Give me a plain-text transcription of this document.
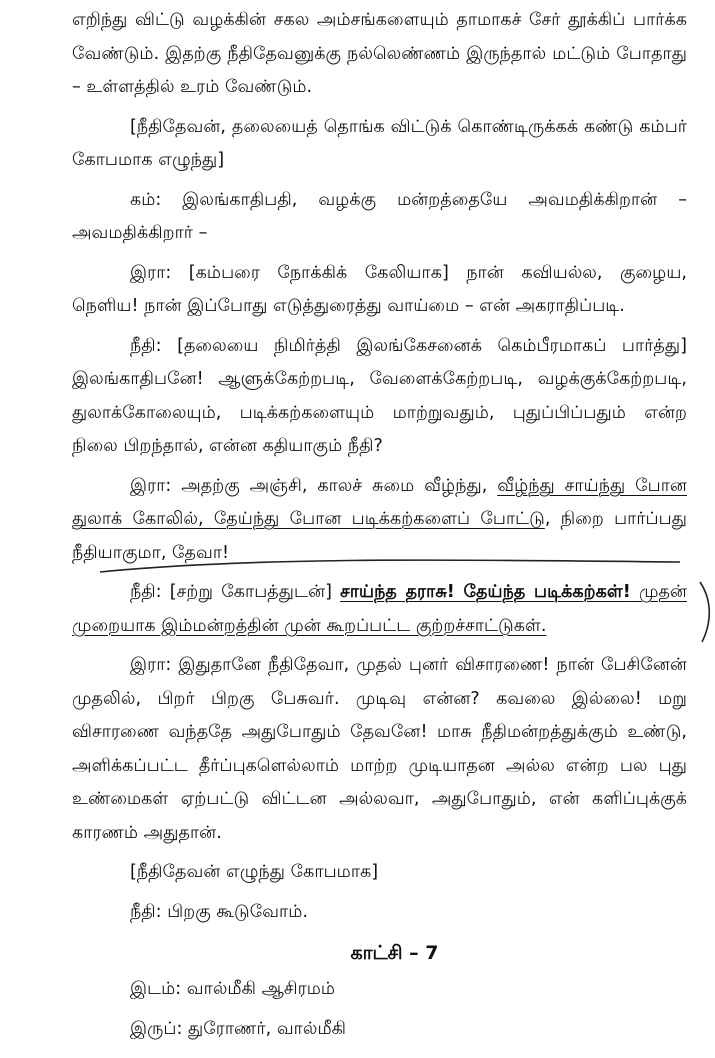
எறிந்து விட்டு வழக்கின் சகல அம்சங்களையும் தாமாகச் சேர் தூக்கிப் பார்க்க வேண்டும். இதற்கு நீதிதேவனுக்கு நல்லெண்ணம் இருந்தால் மட்டும் போதாது – உள்ளத்தில் உரம் வேண்டும்.

[நீதிதேவன், தலையைத் தொங்க விட்டுக் கொண்டிருக்கக் கண்டு கம்பர் கோபமாக எழுந்து]

கம்: இலங்காதிபதி, வழக்கு மன்றத்தையே அவமதிக்கிறான் – அவமதிக்கிறார் –

இரா: [கம்பரை நோக்கிக் கேலியாக] நான் கவியல்ல, குழைய, நெளிய! நான் இப்போது எடுத்துரைத்து வாய்மை – என் அகராதிப்படி.

நீதி: [தலையை நிமிர்த்தி இலங்கேசனைக் கெம்பீரமாகப் பார்த்து] இலங்காதிபனே! ஆளுக்கேற்றபடி, வேளைக்கேற்றபடி, வழக்குக்கேற்றபடி, துலாக்கோலையும், படிக்கற்களையும் மாற்றுவதும், புதுப்பிப்பதும் என்ற நிலை பிறந்தால், என்ன கதியாகும் நீதி?

இரா: அதற்கு அஞ்சி, காலச் சுமை வீழ்ந்து, வீழ்ந்து சாய்ந்து போன துலாக் கோலில், தேய்ந்து போன படிக்கற்களைப் போட்டு, நிறை பார்ப்பது நீதியாகுமா, தேவா!

நீதி: [சற்று கோபத்துடன்] சாய்ந்த தராசு! தேய்ந்த படிக்கற்கள்! முதன் முறையாக இம்மன்றத்தின் முன் கூறப்பட்ட குற்றச்சாட்டுகள்.

இரா: இதுதானே நீதிதேவா, முதல் புனர் விசாரணை! நான் பேசினேன் முதலில், பிறர் பிறகு பேசுவர். முடிவு என்ன? கவலை இல்லை! மறு விசாரணை வந்ததே அதுபோதும் தேவனே! மாசு நீதிமன்றத்துக்கும் உண்டு, அளிக்கப்பட்ட தீர்ப்புகளெல்லாம் மாற்ற முடியாதன அல்ல என்ற பல புது உண்மைகள் ஏற்பட்டு விட்டன அல்லவா, அதுபோதும், என் களிப்புக்குக் காரணம் அதுதான்.

[நீதிதேவன் எழுந்து கோபமாக]

நீதி: பிறகு கூடுவோம்.

காட்சி – 7

இடம்: வால்மீகி ஆசிரமம்

இருப்: துரோணர், வால்மீகி
